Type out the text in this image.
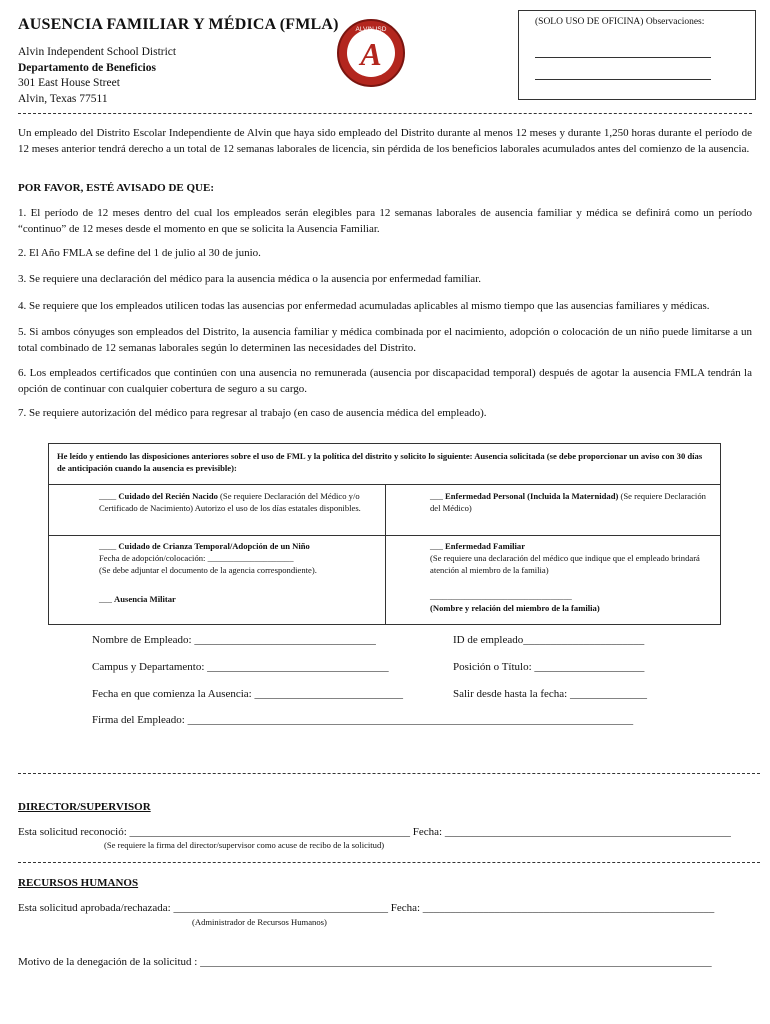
AUSENCIA FAMILIAR Y MÉDICA (FMLA)
Alvin Independent School District
Departamento de Beneficios
301 East House Street
Alvin, Texas 77511
A
ALVIN ISD
(SOLO USO DE OFICINA) Observaciones:
Un empleado del Distrito Escolar Independiente de Alvin que haya sido empleado del Distrito durante al menos 12 meses y durante 1,250 horas durante el período de 12 meses anterior tendrá derecho a un total de 12 semanas laborales de licencia, sin pérdida de los beneficios laborales acumulados antes del comienzo de la ausencia.
POR FAVOR, ESTÉ AVISADO DE QUE:
1. El período de 12 meses dentro del cual los empleados serán elegibles para 12 semanas laborales de ausencia familiar y médica se definirá como un período “continuo” de 12 meses desde el momento en que se solicita la Ausencia Familiar.
2. El Año FMLA se define del 1 de julio al 30 de junio.
3. Se requiere una declaración del médico para la ausencia médica o la ausencia por enfermedad familiar.
4. Se requiere que los empleados utilicen todas las ausencias por enfermedad acumuladas aplicables al mismo tiempo que las ausencias familiares y médicas.
5. Si ambos cónyuges son empleados del Distrito, la ausencia familiar y médica combinada por el nacimiento, adopción o colocación de un niño puede limitarse a un total combinado de 12 semanas laborales según lo determinen las necesidades del Distrito.
6. Los empleados certificados que continúen con una ausencia no remunerada (ausencia por discapacidad temporal) después de agotar la ausencia FMLA tendrán la opción de continuar con cualquier cobertura de seguro a su cargo.
7. Se requiere autorización del médico para regresar al trabajo (en caso de ausencia médica del empleado).
He leído y entiendo las disposiciones anteriores sobre el uso de FML y la política del distrito y solicito lo siguiente: Ausencia solicitada (se debe proporcionar un aviso con 30 días de anticipación cuando la ausencia es previsible):
____ Cuidado del Recién Nacido (Se requiere Declaración del Médico y/o Certificado de Nacimiento) Autorizo el uso de los días estatales disponibles.
___ Enfermedad Personal (Incluida la Maternidad) (Se requiere Declaración del Médico)
____ Cuidado de Crianza Temporal/Adopción de un Niño
Fecha de adopción/colocación: ____________________
(Se debe adjuntar el documento de la agencia correspondiente).
___ Enfermedad Familiar
(Se requiere una declaración del médico que indique que el empleado brindará atención al miembro de la familia)
___ Ausencia Militar	_________________________________
(Nombre y relación del miembro de la familia)
Nombre de Empleado: _________________________________	ID de empleado______________________
Campus y Departamento: _________________________________	Posición o Título: ____________________
Fecha en que comienza la Ausencia: ___________________________	Salir desde hasta la fecha: ______________
Firma del Empleado: _________________________________________________________________________________
DIRECTOR/SUPERVISOR
Esta solicitud reconoció: ___________________________________________________ Fecha: ____________________________________________________
(Se requiere la firma del director/supervisor como acuse de recibo de la solicitud)
RECURSOS HUMANOS
Esta solicitud aprobada/rechazada: _______________________________________ Fecha: _____________________________________________________
(Administrador de Recursos Humanos)
Motivo de la denegación de la solicitud : _____________________________________________________________________________________________
